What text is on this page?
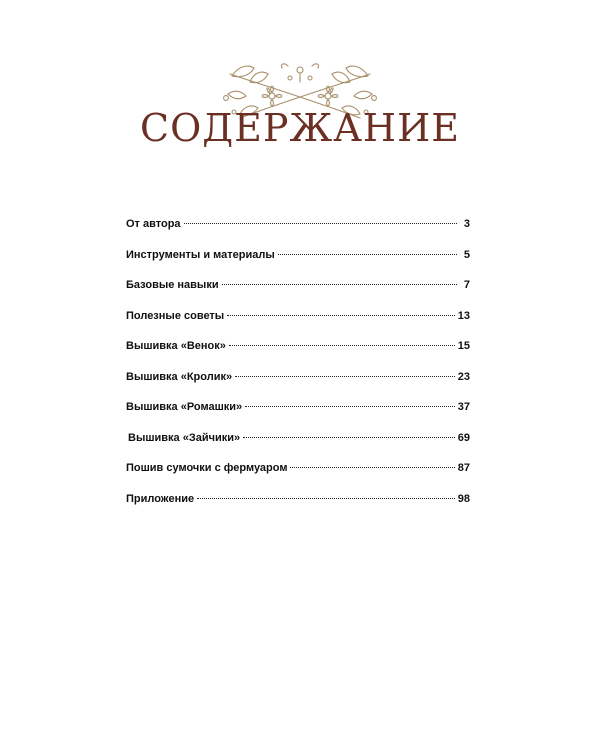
СОДЕРЖАНИЕ
От автора	3
Инструменты и материалы	5
Базовые навыки	7
Полезные советы	13
Вышивка «Венок»	15
Вышивка «Кролик»	23
Вышивка «Ромашки»	37
Вышивка «Зайчики»	69
Пошив сумочки с фермуаром	87
Приложение	98
